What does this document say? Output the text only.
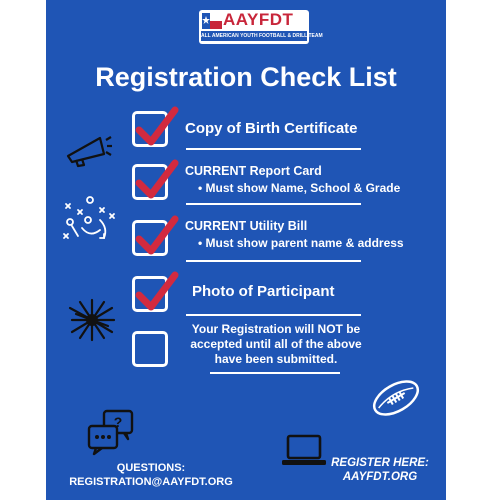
AAYFDT
ALL AMERICAN YOUTH FOOTBALL & DRILL TEAM
Registration Check List
Copy of Birth Certificate
CURRENT Report Card
• Must show Name, School & Grade
CURRENT Utility Bill
• Must show parent name & address
Photo of Participant
Your Registration will NOT be
accepted until all of the above
have been submitted.
?
QUESTIONS:
REGISTRATION@AAYFDT.ORG
REGISTER HERE:
AAYFDT.ORG
